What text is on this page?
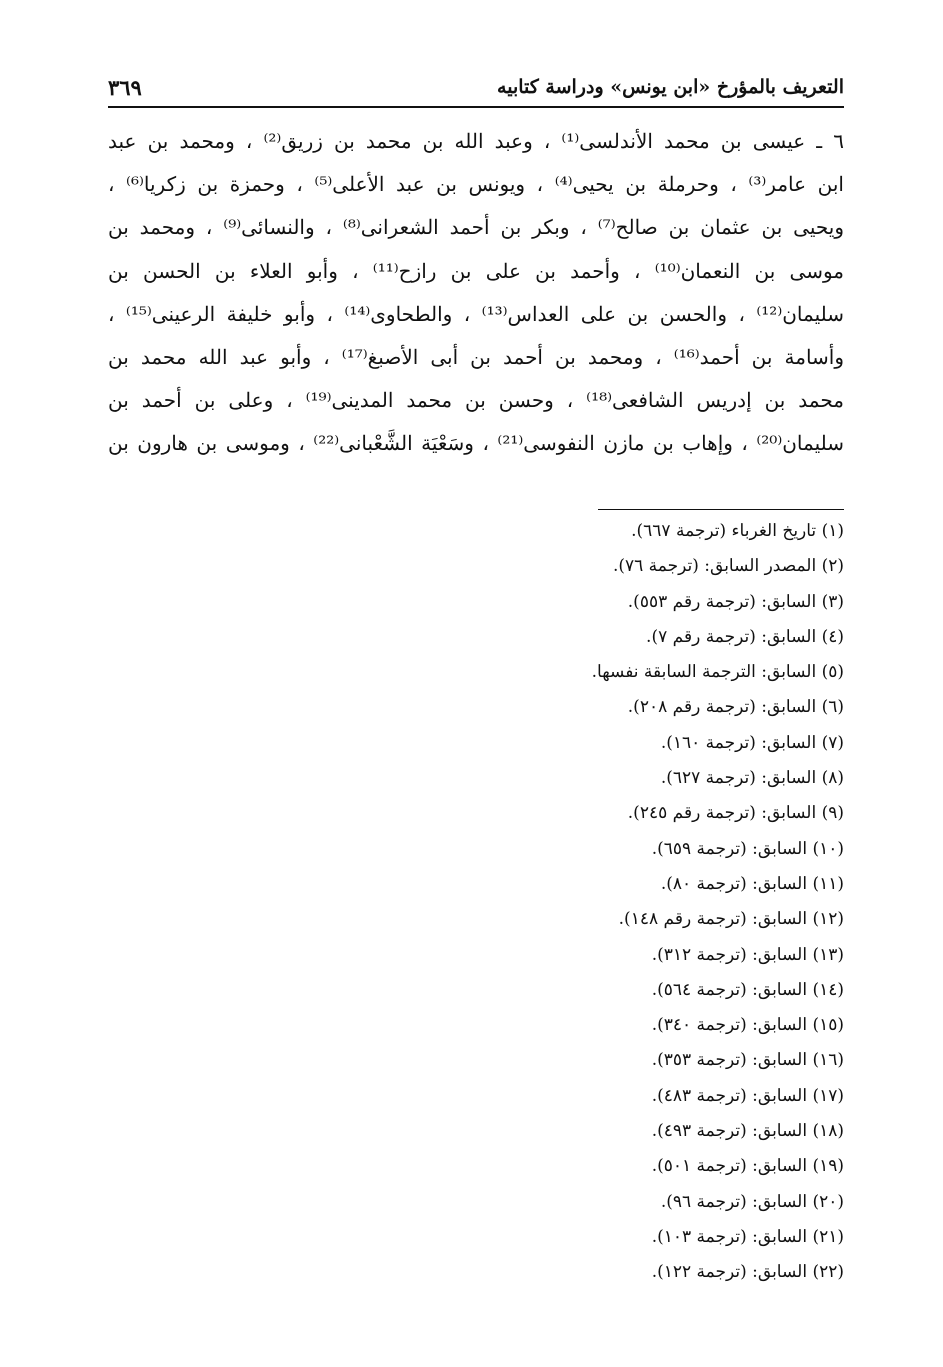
التعريف بالمؤرخ «ابن يونس» ودراسة كتابيه
٣٦٩
٦ ـ عيسى بن محمد الأندلسى⁽¹⁾ ، وعبد الله بن محمد بن زريق⁽²⁾ ، ومحمد بن عبد
ابن عامر⁽³⁾ ، وحرملة بن يحيى⁽⁴⁾ ، ويونس بن عبد الأعلى⁽⁵⁾ ، وحمزة بن زكريا⁽⁶⁾ ،
ويحيى بن عثمان بن صالح⁽⁷⁾ ، وبكر بن أحمد الشعرانى⁽⁸⁾ ، والنسائى⁽⁹⁾ ، ومحمد بن
موسى بن النعمان⁽¹⁰⁾ ، وأحمد بن على بن رازح⁽¹¹⁾ ، وأبو العلاء بن الحسن بن
سليمان⁽¹²⁾ ، والحسن بن على العداس⁽¹³⁾ ، والطحاوى⁽¹⁴⁾ ، وأبو خليفة الرعينى⁽¹⁵⁾ ،
وأسامة بن أحمد⁽¹⁶⁾ ، ومحمد بن أحمد بن أبى الأصبغ⁽¹⁷⁾ ، وأبو عبد الله محمد بن
محمد بن إدريس الشافعى⁽¹⁸⁾ ، وحسن بن محمد المدينى⁽¹⁹⁾ ، وعلى بن أحمد بن
سليمان⁽²⁰⁾ ، وإهاب بن مازن النفوسى⁽²¹⁾ ، وسَعْيَة الشَّعْبانى⁽²²⁾ ، وموسى بن هارون بن
(١) تاريخ الغرباء (ترجمة ٦٦٧).
(٢) المصدر السابق: (ترجمة ٧٦).
(٣) السابق: (ترجمة رقم ٥٥٣).
(٤) السابق: (ترجمة رقم ٧).
(٥) السابق: الترجمة السابقة نفسها.
(٦) السابق: (ترجمة رقم ٢٠٨).
(٧) السابق: (ترجمة ١٦٠).
(٨) السابق: (ترجمة ٦٢٧).
(٩) السابق: (ترجمة رقم ٢٤٥).
(١٠) السابق: (ترجمة ٦٥٩).
(١١) السابق: (ترجمة ٨٠).
(١٢) السابق: (ترجمة رقم ١٤٨).
(١٣) السابق: (ترجمة ٣١٢).
(١٤) السابق: (ترجمة ٥٦٤).
(١٥) السابق: (ترجمة ٣٤٠).
(١٦) السابق: (ترجمة ٣٥٣).
(١٧) السابق: (ترجمة ٤٨٣).
(١٨) السابق: (ترجمة ٤٩٣).
(١٩) السابق: (ترجمة ٥٠١).
(٢٠) السابق: (ترجمة ٩٦).
(٢١) السابق: (ترجمة ١٠٣).
(٢٢) السابق: (ترجمة ١٢٢).
